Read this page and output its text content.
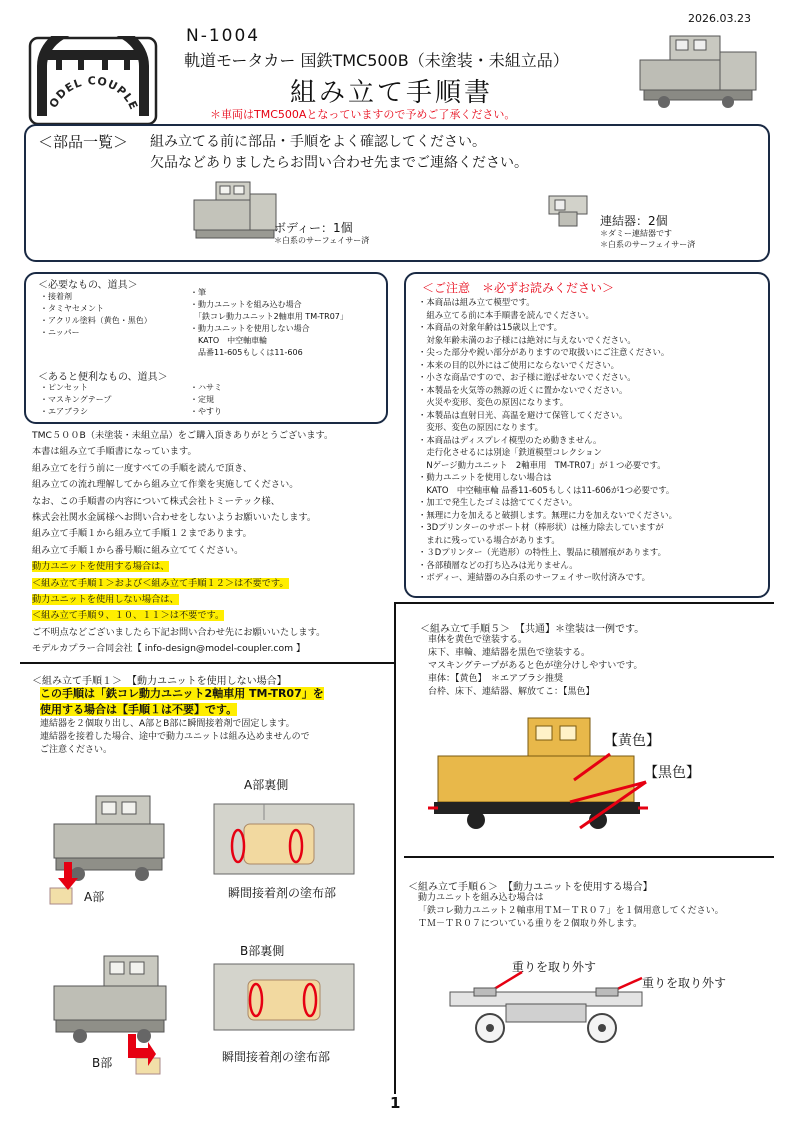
2026.03.23
ODEL COUPLE
N-1004
軌道モータカー 国鉄TMC500B（未塗装・未組立品）
組み立て手順書
＊車両はTMC500Aとなっていますので予めご了承ください。
＜部品一覧＞ 組み立てる前に部品・手順をよく確認してください。
欠品などありましたらお問い合わせ先までご連絡ください。
ボディー：1個
＊白系のサーフェイサー済
連結器：2個
＊ダミー連結器です
＊白系のサーフェイサー済
＜必要なもの、道具＞
・接着剤
・タミヤセメント
・アクリル塗料（黄色・黒色）
・ニッパー
・筆
・動力ユニットを組み込む場合
　「鉄コレ動力ユニット2軸車用 TM-TR07」
・動力ユニットを使用しない場合
　KATO　中空軸車輪
　品番11-605もしくは11-606
＜あると便利なもの、道具＞
・ピンセット
・マスキングテープ
・エアブラシ
・ハサミ
・定規
・やすり
＜ご注意　＊必ずお読みください＞
・本商品は組み立て模型です。
　組み立てる前に本手順書を読んでください。
・本商品の対象年齢は15歳以上です。
　対象年齢未満のお子様には絶対に与えないでください。
・尖った部分や鋭い部分がありますので取扱いにご注意ください。
・本来の目的以外にはご使用にならないでください。
・小さな商品ですので、お子様に遊ばせないでください。
・本製品を火気等の熱源の近くに置かないでください。
　火災や変形、変色の原因になります。
・本製品は直射日光、高温を避けて保管してください。
　変形、変色の原因になります。
・本商品はディスプレイ模型のため動きません。
　走行化させるには別途「鉄道模型コレクション
　Nゲージ動力ユニット　2軸車用　TM-TR07」が１つ必要です。
・動力ユニットを使用しない場合は
　KATO　中空軸車輪 品番11-605もしくは11-606が1つ必要です。
・加工で発生したゴミは捨ててください。
・無理に力を加えると破損します。無理に力を加えないでください。
・3Dプリンターのサポート材（棒形状）は極力除去していますが
　まれに残っている場合があります。
・３Dプリンター（光造形）の特性上、製品に積層痕があります。
・各部積層などの打ち込みは光りません。
・ボディー、連結器のみ白系のサーフェイサー吹付済みです。
TMC５００B（未塗装・未組立品）をご購入頂きありがとうございます。
本書は組み立て手順書になっています。
組み立てを行う前に一度すべての手順を読んで頂き、
組み立ての流れ理解してから組み立て作業を実施してください。
なお、この手順書の内容について株式会社トミーテック様、
株式会社関水金属様へお問い合わせをしないようお願いいたします。
組み立て手順１から組み立て手順１２まであります。
組み立て手順１から番号順に組み立ててください。
動力ユニットを使用する場合は、
＜組み立て手順１＞および＜組み立て手順１２＞は不要です。
動力ユニットを使用しない場合は、
＜組み立て手順９、１０、１１＞は不要です。
ご不明点などございましたら下記お問い合わせ先にお願いいたします。
モデルカプラー合同会社【 info-design@model-coupler.com 】
＜組み立て手順１＞　【動力ユニットを使用しない場合】
この手順は「鉄コレ動力ユニット2軸車用 TM-TR07」を
使用する場合は【手順１は不要】です。
連結器を２個取り出し、A部とB部に瞬間接着剤で固定します。
連結器を接着した場合、途中で動力ユニットは組み込めませんので
ご注意ください。
A部
A部裏側
瞬間接着剤の塗布部
B部
B部裏側
瞬間接着剤の塗布部
＜組み立て手順５＞　【共通】＊塗装は一例です。
車体を黄色で塗装する。
床下、車輪、連結器を黒色で塗装する。
マスキングテープがあると色が塗分けしやすいです。
車体：【黄色】　＊エアブラシ推奨
台枠、床下、連結器、解放てこ：【黒色】
【黄色】
【黒色】
＜組み立て手順６＞　【動力ユニットを使用する場合】
動力ユニットを組み込む場合は
「鉄コレ動力ユニット２軸車用ＴＭ－ＴＲ０７」を１個用意してください。
ＴＭ－ＴＲ０７についている重りを２個取り外します。
重りを取り外す
重りを取り外す
1
